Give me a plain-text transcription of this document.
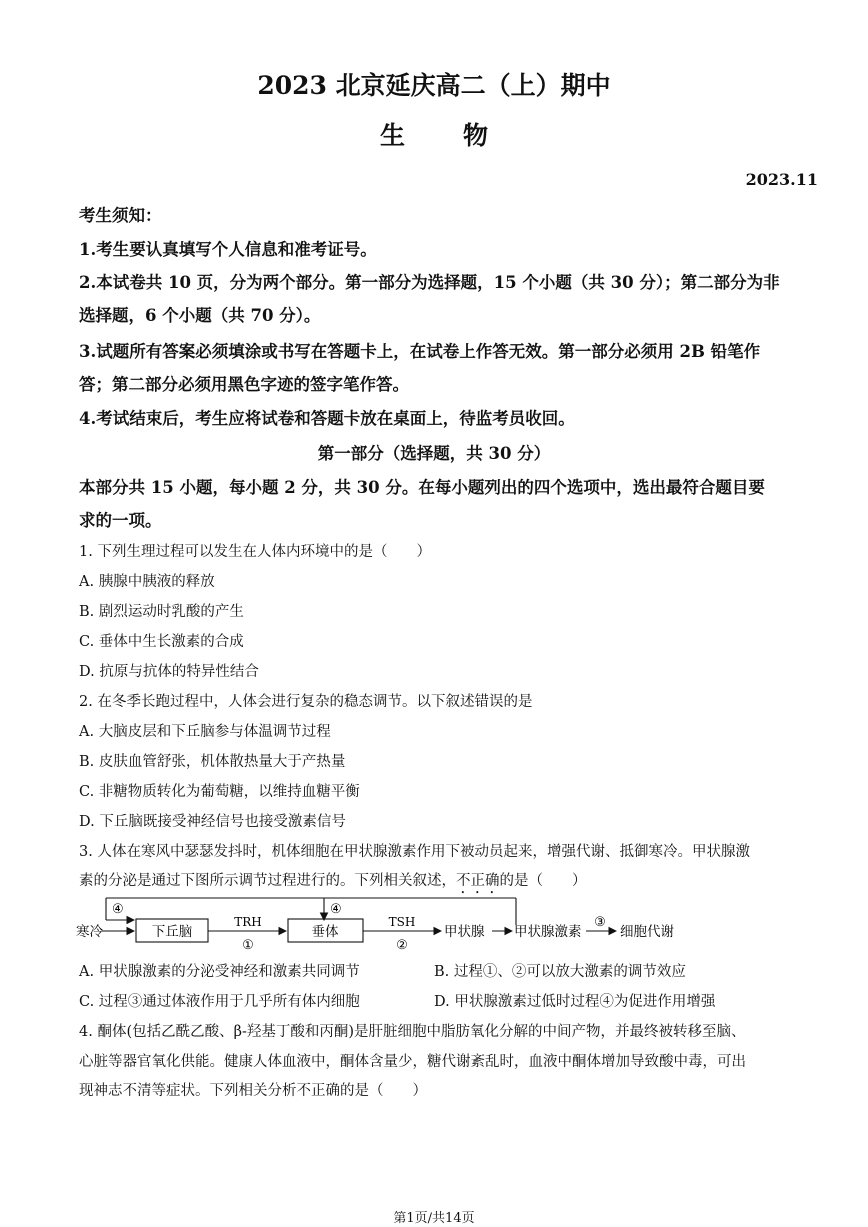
2023 北京延庆高二（上）期中
生物
2023.11
考生须知：
1.考生要认真填写个人信息和准考证号。
2.本试卷共 10 页，分为两个部分。第一部分为选择题，15 个小题（共 30 分）；第二部分为非
选择题，6 个小题（共 70 分）。
3.试题所有答案必须填涂或书写在答题卡上，在试卷上作答无效。第一部分必须用 2B 铅笔作
答；第二部分必须用黑色字迹的签字笔作答。
4.考试结束后，考生应将试卷和答题卡放在桌面上，待监考员收回。
第一部分（选择题，共 30 分）
本部分共 15 小题，每小题 2 分，共 30 分。在每小题列出的四个选项中，选出最符合题目要
求的一项。
1. 下列生理过程可以发生在人体内环境中的是（　　）
A. 胰腺中胰液的释放
B. 剧烈运动时乳酸的产生
C. 垂体中生长激素的合成
D. 抗原与抗体的特异性结合
2. 在冬季长跑过程中，人体会进行复杂的稳态调节。以下叙述错误的是
A. 大脑皮层和下丘脑参与体温调节过程
B. 皮肤血管舒张，机体散热量大于产热量
C. 非糖物质转化为葡萄糖，以维持血糖平衡
D. 下丘脑既接受神经信号也接受激素信号
3. 人体在寒风中瑟瑟发抖时，机体细胞在甲状腺激素作用下被动员起来，增强代谢、抵御寒冷。甲状腺激
素的分泌是通过下图所示调节过程进行的。下列相关叙述，不正确的是（　　）
寒冷	下丘脑	垂体	甲状腺 甲状腺激素	细胞代谢
TRH
①
TSH
②
③
④	④
A. 甲状腺激素的分泌受神经和激素共同调节	B. 过程①、②可以放大激素的调节效应
C. 过程③通过体液作用于几乎所有体内细胞	D. 甲状腺激素过低时过程④为促进作用增强
4. 酮体(包括乙酰乙酸、β-羟基丁酸和丙酮)是肝脏细胞中脂肪氧化分解的中间产物，并最终被转移至脑、
心脏等器官氧化供能。健康人体血液中，酮体含量少，糖代谢紊乱时，血液中酮体增加导致酸中毒，可出
现神志不清等症状。下列相关分析不正确的是（　　）
第1页/共14页
